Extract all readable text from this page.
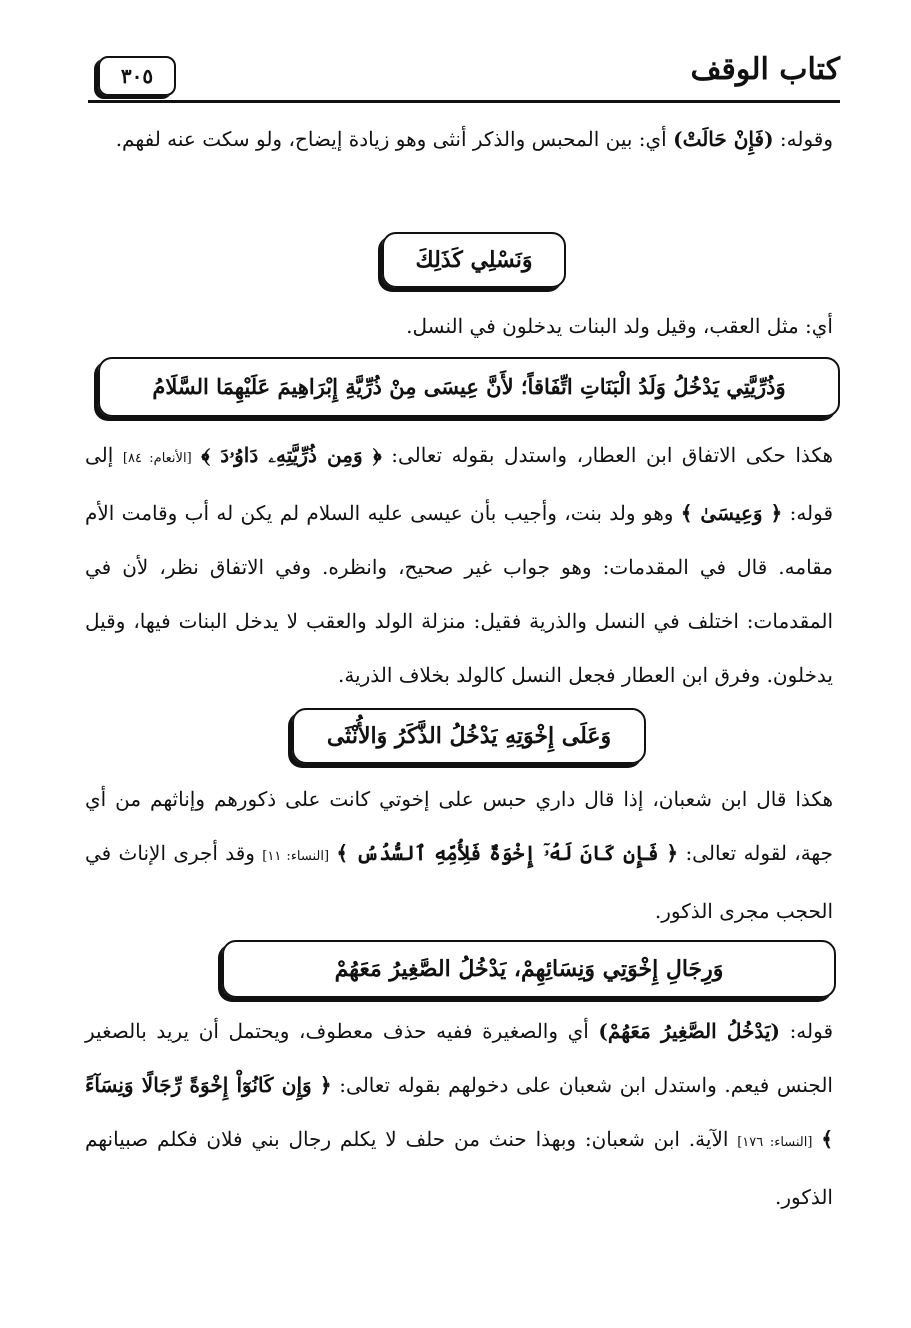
كتاب الوقف
٣٠٥
وقوله: (فَإِنْ حَالَتْ) أي: بين المحبس والذكر أنثى وهو زيادة إيضاح، ولو سكت عنه لفهم.
وَنَسْلِي كَذَلِكَ
أي: مثل العقب، وقيل ولد البنات يدخلون في النسل.
وَذُرِّيَّتِي يَدْخُلُ وَلَدُ الْبَنَاتِ اتِّفَاقاً؛ لأَنَّ عِيسَى مِنْ ذُرِّيَّةِ إِبْرَاهِيمَ عَلَيْهِمَا السَّلَامُ
هكذا حكى الاتفاق ابن العطار، واستدل بقوله تعالى: ﴿ وَمِن ذُرِّيَّتِهِۦ دَاوُۥدَ ﴾ [الأنعام: ٨٤] إلى قوله: ﴿ وَعِيسَىٰ ﴾ وهو ولد بنت، وأجيب بأن عيسى عليه السلام لم يكن له أب وقامت الأم مقامه. قال في المقدمات: وهو جواب غير صحيح، وانظره. وفي الاتفاق نظر، لأن في المقدمات: اختلف في النسل والذرية فقيل: منزلة الولد والعقب لا يدخل البنات فيها، وقيل يدخلون. وفرق ابن العطار فجعل النسل كالولد بخلاف الذرية.
وَعَلَى إِخْوَتِهِ يَدْخُلُ الذَّكَرُ وَالأُنْثَى
هكذا قال ابن شعبان، إذا قال داري حبس على إخوتي كانت على ذكورهم وإناثهم من أي جهة، لقوله تعالى: ﴿ فَإِن كَانَ لَهُۥٓ إِخْوَةٌ فَلِأُمِّهِ ٱلسُّدُسُ ﴾ [النساء: ١١] وقد أجرى الإناث في الحجب مجرى الذكور.
وَرِجَالِ إِخْوَتِي وَنِسَائِهِمْ، يَدْخُلُ الصَّغِيرُ مَعَهُمْ
قوله: (يَدْخُلُ الصَّغِيرُ مَعَهُمْ) أي والصغيرة ففيه حذف معطوف، ويحتمل أن يريد بالصغير الجنس فيعم. واستدل ابن شعبان على دخولهم بقوله تعالى: ﴿ وَإِن كَانُوٓاْ إِخْوَةً رِّجَالًا وَنِسَآءً ﴾ [النساء: ١٧٦] الآية. ابن شعبان: وبهذا حنث من حلف لا يكلم رجال بني فلان فكلم صبيانهم الذكور.
